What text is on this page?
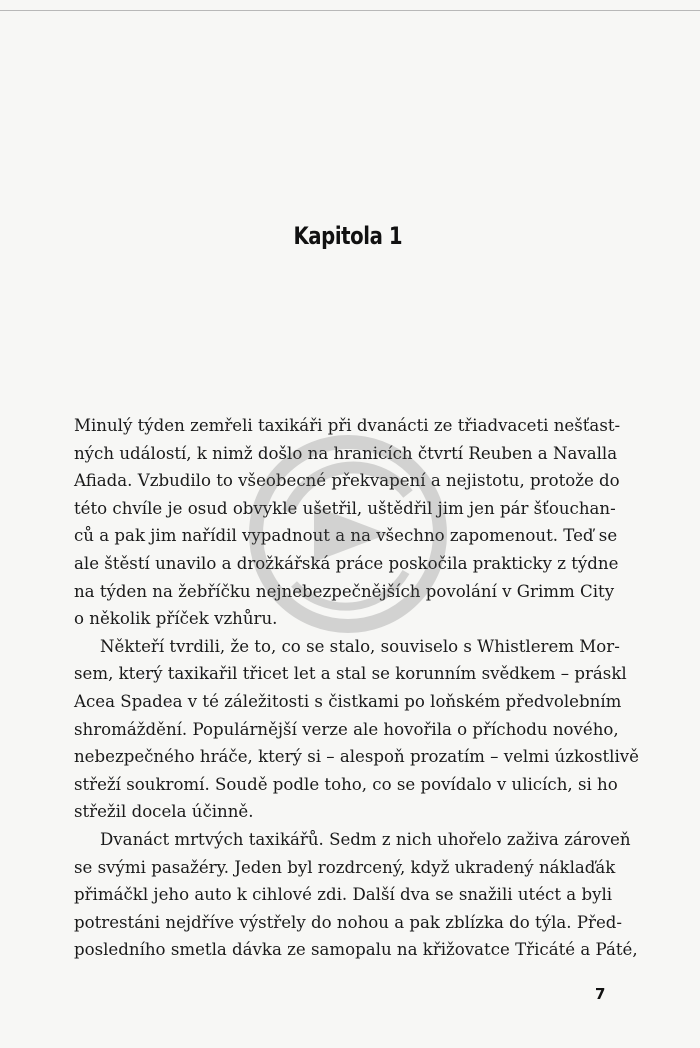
Kapitola 1
Minulý týden zemřeli taxikáři při dvanácti ze třiadvaceti nešťast-
ných událostí, k nimž došlo na hranicích čtvrtí Reuben a Navalla
Afiada. Vzbudilo to všeobecné překvapení a nejistotu, protože do
této chvíle je osud obvykle ušetřil, uštědřil jim jen pár šťouchan-
ců a pak jim nařídil vypadnout a na všechno zapomenout. Teď se
ale štěstí unavilo a drožkářská práce poskočila prakticky z týdne
na týden na žebříčku nejnebezpečnějších povolání v Grimm City
o několik příček vzhůru.
Někteří tvrdili, že to, co se stalo, souviselo s Whistlerem Mor-
sem, který taxikařil třicet let a stal se korunním svědkem – práskl
Acea Spadea v té záležitosti s čistkami po loňském předvolebním
shromáždění. Populárnější verze ale hovořila o příchodu nového,
nebezpečného hráče, který si – alespoň prozatím – velmi úzkostlivě
střeží soukromí. Soudě podle toho, co se povídalo v ulicích, si ho
střežil docela účinně.
Dvanáct mrtvých taxikářů. Sedm z nich uhořelo zaživa zároveň
se svými pasažéry. Jeden byl rozdrcený, když ukradený náklaďák
přimáčkl jeho auto k cihlové zdi. Další dva se snažili utéct a byli
potrestáni nejdříve výstřely do nohou a pak zblízka do týla. Před-
posledního smetla dávka ze samopalu na křižovatce Třicáté a Páté,
7
